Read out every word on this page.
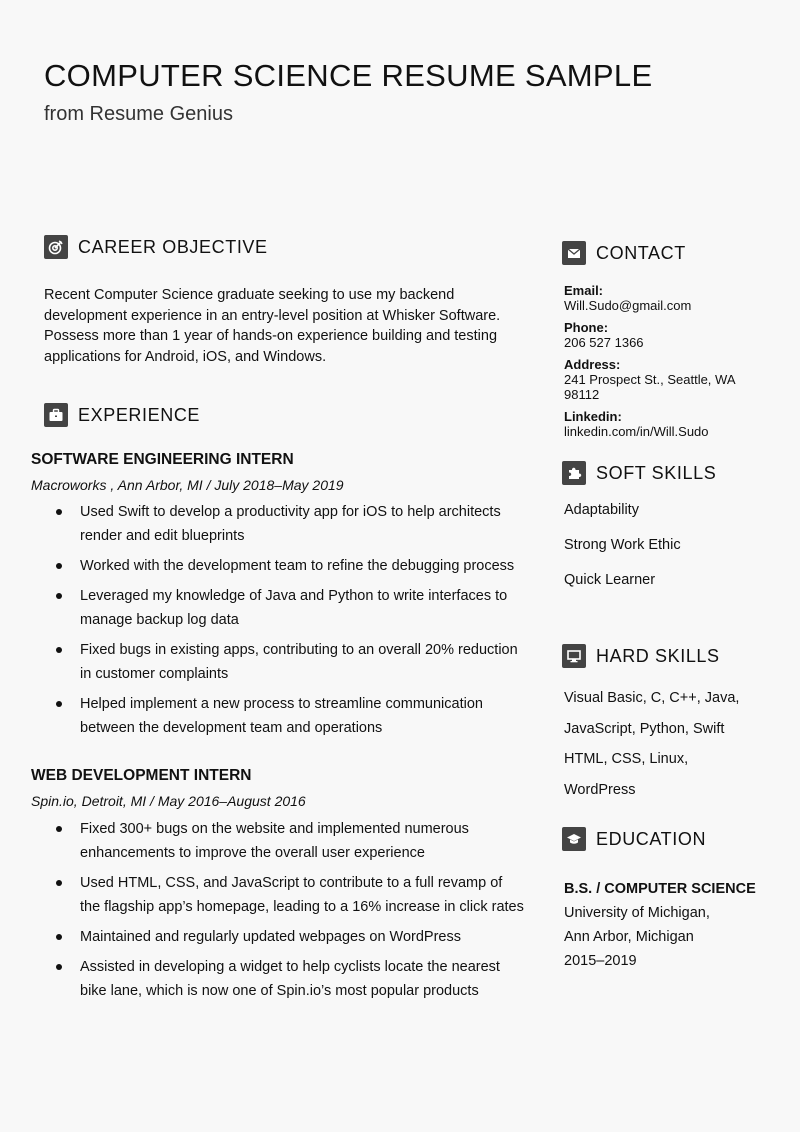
COMPUTER SCIENCE RESUME SAMPLE
from Resume Genius
CAREER OBJECTIVE
Recent Computer Science graduate seeking to use my backend development experience in an entry-level position at Whisker Software. Possess more than 1 year of hands-on experience building and testing applications for Android, iOS, and Windows.
EXPERIENCE
SOFTWARE ENGINEERING INTERN
Macroworks , Ann Arbor, MI / July 2018–May 2019
Used Swift to develop a productivity app for iOS to help architects render and edit blueprints
Worked with the development team to refine the debugging process
Leveraged my knowledge of Java and Python to write interfaces to manage backup log data
Fixed bugs in existing apps, contributing to an overall 20% reduction in customer complaints
Helped implement a new process to streamline communication between the development team and operations
WEB DEVELOPMENT INTERN
Spin.io, Detroit, MI / May 2016–August 2016
Fixed 300+ bugs on the website and implemented numerous enhancements to improve the overall user experience
Used HTML, CSS, and JavaScript to contribute to a full revamp of the flagship app’s homepage, leading to a 16% increase in click rates
Maintained and regularly updated webpages on WordPress
Assisted in developing a widget to help cyclists locate the nearest bike lane, which is now one of Spin.io’s most popular products
CONTACT
Email:
Will.Sudo@gmail.com
Phone:
206 527 1366
Address:
241 Prospect St., Seattle, WA
98112
Linkedin:
linkedin.com/in/Will.Sudo
SOFT SKILLS
Adaptability
Strong Work Ethic
Quick Learner
HARD SKILLS
Visual Basic, C, C++, Java,
JavaScript, Python, Swift
HTML, CSS, Linux,
WordPress
EDUCATION
B.S. / COMPUTER SCIENCE
University of Michigan,
Ann Arbor, Michigan
2015–2019
